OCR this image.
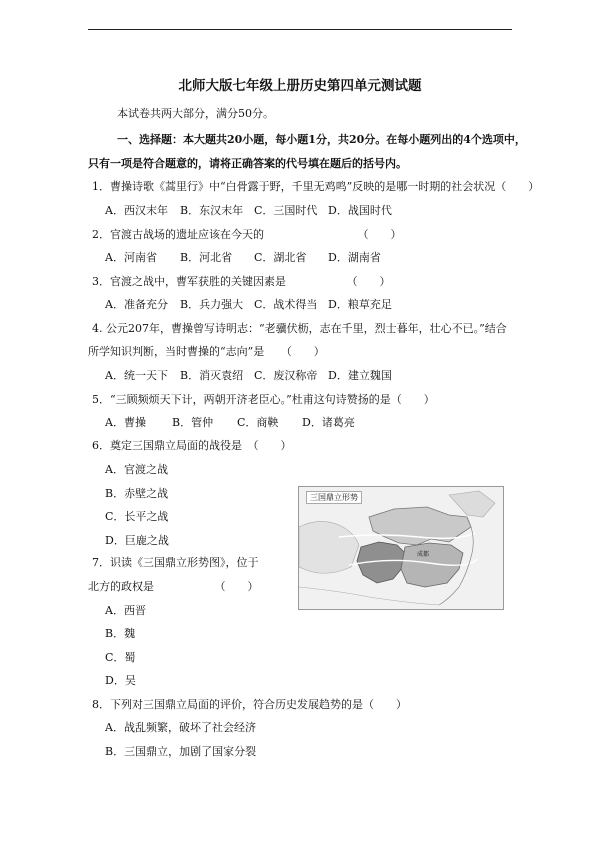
北师大版七年级上册历史第四单元测试题
本试卷共两大部分，满分50分。
一、选择题：本大题共20小题，每小题1分，共20分。在每小题列出的4个选项中，
只有一项是符合题意的，请将正确答案的代号填在题后的括号内。
1．曹操诗歌《蒿里行》中“白骨露于野，千里无鸡鸣”反映的是哪一时期的社会状况（　　）
A．西汉末年 B．东汉末年 C．三国时代 D．战国时代
2．官渡古战场的遗址应该在今天的　　　　　　　　　（　　）
A．河南省 B．河北省 C．湖北省 D．湖南省
3．官渡之战中，曹军获胜的关键因素是　　　　　　（　　）
A．准备充分 B．兵力强大 C．战术得当 D．粮草充足
4. 公元207年，曹操曾写诗明志：“老骥伏枥，志在千里，烈士暮年，壮心不已。”结合
所学知识判断，当时曹操的“志向”是　　（　　）
A．统一天下 B．消灭袁绍 C．废汉称帝 D．建立魏国
5．“三顾频烦天下计，两朝开济老臣心。”杜甫这句诗赞扬的是（　　）
A．曹操 B．管仲 C．商鞅 D．诸葛亮
6．奠定三国鼎立局面的战役是　（　　）
A．官渡之战
B．赤壁之战
C．长平之战
D．巨鹿之战
三国鼎立形势
成都
7．识读《三国鼎立形势图》，位于
北方的政权是　　　　　　（　　）
A．西晋
B．魏
C．蜀
D．吴
8．下列对三国鼎立局面的评价，符合历史发展趋势的是（　　）
A．战乱频繁，破坏了社会经济
B．三国鼎立，加剧了国家分裂
